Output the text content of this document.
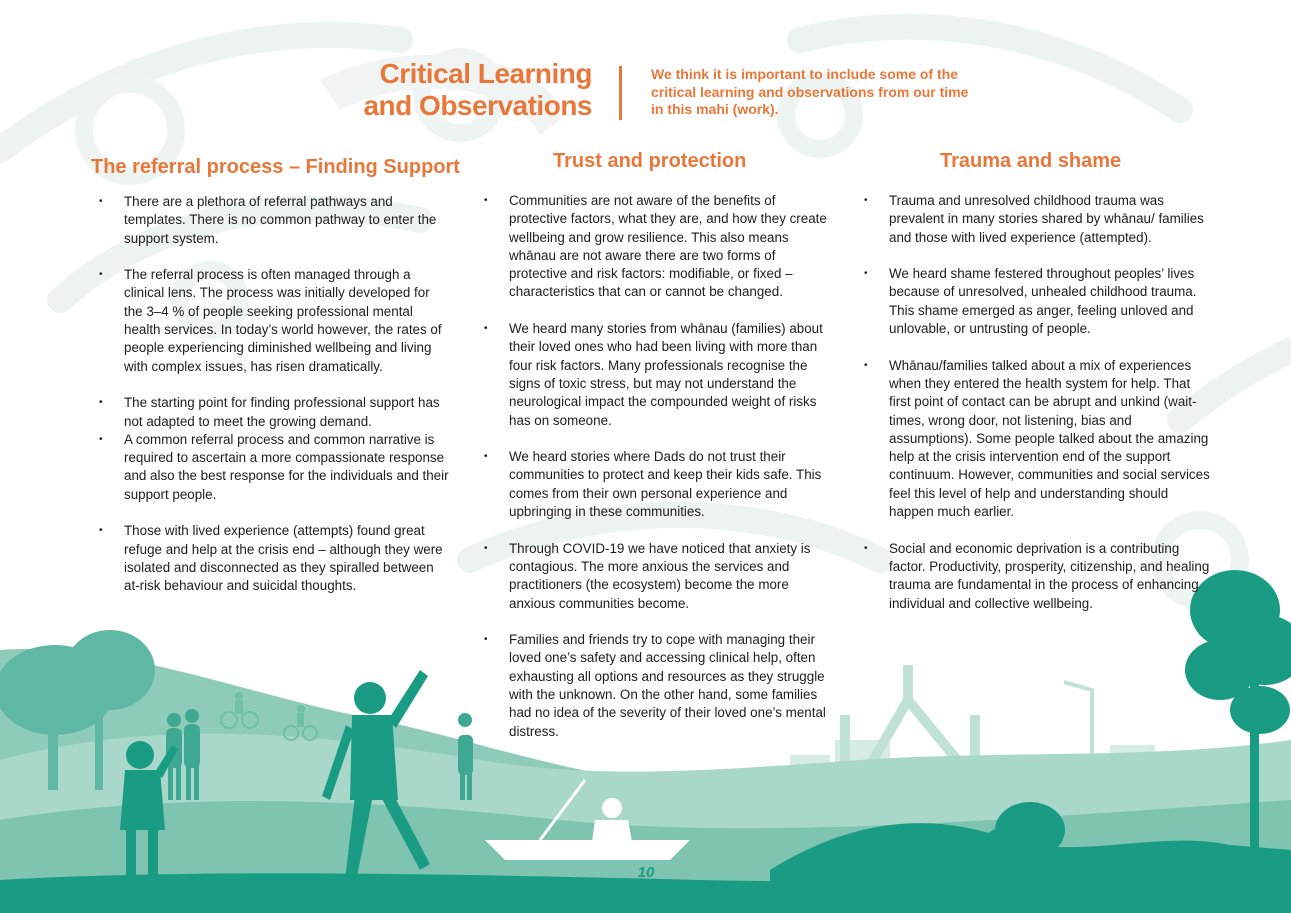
Critical Learning
and Observations
We think it is important to include some of the critical learning and observations from our time in this mahi (work).
The referral process – Finding Support
• There are a plethora of referral pathways and templates. There is no common pathway to enter the support system.
• The referral process is often managed through a clinical lens. The process was initially developed for the 3–4 % of people seeking professional mental health services. In today’s world however, the rates of people experiencing diminished wellbeing and living with complex issues, has risen dramatically.
• The starting point for finding professional support has not adapted to meet the growing demand.
• A common referral process and common narrative is required to ascertain a more compassionate response and also the best response for the individuals and their support people.
• Those with lived experience (attempts) found great refuge and help at the crisis end – although they were isolated and disconnected as they spiralled between at-risk behaviour and suicidal thoughts.
Trust and protection
• Communities are not aware of the benefits of protective factors, what they are, and how they create wellbeing and grow resilience. This also means whānau are not aware there are two forms of protective and risk factors: modifiable, or fixed – characteristics that can or cannot be changed.
• We heard many stories from whānau (families) about their loved ones who had been living with more than four risk factors. Many professionals recognise the signs of toxic stress, but may not understand the neurological impact the compounded weight of risks has on someone.
• We heard stories where Dads do not trust their communities to protect and keep their kids safe. This comes from their own personal experience and upbringing in these communities.
• Through COVID-19 we have noticed that anxiety is contagious. The more anxious the services and practitioners (the ecosystem) become the more anxious communities become.
• Families and friends try to cope with managing their loved one’s safety and accessing clinical help, often exhausting all options and resources as they struggle with the unknown. On the other hand, some families had no idea of the severity of their loved one’s mental distress.
Trauma and shame
• Trauma and unresolved childhood trauma was prevalent in many stories shared by whānau/ families and those with lived experience (attempted).
• We heard shame festered throughout peoples’ lives because of unresolved, unhealed childhood trauma. This shame emerged as anger, feeling unloved and unlovable, or untrusting of people.
• Whānau/families talked about a mix of experiences when they entered the health system for help. That first point of contact can be abrupt and unkind (wait-times, wrong door, not listening, bias and assumptions). Some people talked about the amazing help at the crisis intervention end of the support continuum. However, communities and social services feel this level of help and understanding should happen much earlier.
• Social and economic deprivation is a contributing factor. Productivity, prosperity, citizenship, and healing trauma are fundamental in the process of enhancing individual and collective wellbeing.
10
